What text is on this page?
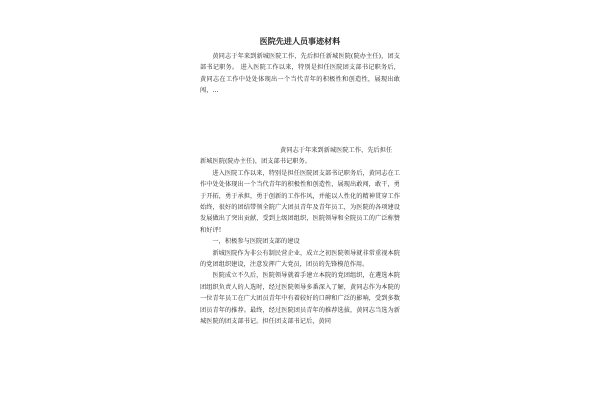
医院先进人员事迹材料

黄同志于年来到新城医院工作，先后担任新城医院(院办主任)，团支部书记职务。 进入医院工作以来，特别是担任医院团支部书记职务后，黄同志在工作中处处体现出一个当代青年的积极性和创造性，展现出敢闯，…

黄同志于年来到新城医院工作，先后担任

新城医院(院办主任)，团支部书记职务。

进入医院工作以来，特别是担任医院团支部书记职务后，黄同志在工作中处处体现出一个当代青年的积极性和创造性，展现出敢闯，敢干，勇于开拓，勇于承担，勇于创新的工作作风，并能以人性化的精神贯穿工作始终，很好的团结带领全院广大团员青年及青年员工，为医院的各项建设发展做出了突出贡献，受到上级团组织，医院领导和全院员工的广泛称赞和好评!

一，积极参与医院团支部的建设

新城医院作为非公有制民营企业，成立之初医院领导就非常重视本院的党团组织建设，注意发挥广大党员，团员的先锋模范作用。

医院成立不久后，医院领导就着手建立本院的党团组织，在遴选本院团组织负责人的人选时，经过医院领导多番深入了解，黄同志作为本院的一位青年员工在广大团员青年中有着较好的口碑和广泛的影响，受到多数团员青年的推荐。最终，经过医院团员青年的推荐选拔，黄同志当选为新城医院的团支部书记。担任团支部书记后，黄同
